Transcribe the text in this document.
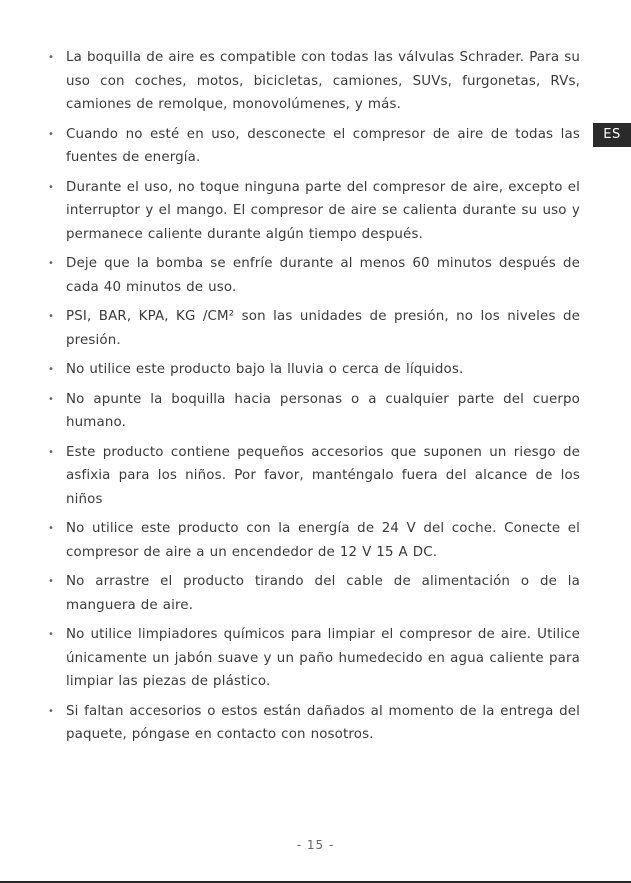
• La boquilla de aire es compatible con todas las válvulas Schrader. Para su uso con coches, motos, bicicletas, camiones, SUVs, furgonetas, RVs, camiones de remolque, monovolúmenes, y más.
• Cuando no esté en uso, desconecte el compresor de aire de todas las fuentes de energía.
• Durante el uso, no toque ninguna parte del compresor de aire, excepto el interruptor y el mango. El compresor de aire se calienta durante su uso y permanece caliente durante algún tiempo después.
• Deje que la bomba se enfríe durante al menos 60 minutos después de cada 40 minutos de uso.
• PSI, BAR, KPA, KG /CM² son las unidades de presión, no los niveles de presión.
• No utilice este producto bajo la lluvia o cerca de líquidos.
• No apunte la boquilla hacia personas o a cualquier parte del cuerpo humano.
• Este producto contiene pequeños accesorios que suponen un riesgo de asfixia para los niños. Por favor, manténgalo fuera del alcance de los niños
• No utilice este producto con la energía de 24 V del coche. Conecte el compresor de aire a un encendedor de 12 V 15 A DC.
• No arrastre el producto tirando del cable de alimentación o de la manguera de aire.
• No utilice limpiadores químicos para limpiar el compresor de aire. Utilice únicamente un jabón suave y un paño humedecido en agua caliente para limpiar las piezas de plástico.
• Si faltan accesorios o estos están dañados al momento de la entrega del paquete, póngase en contacto con nosotros.
ES
- 15 -
